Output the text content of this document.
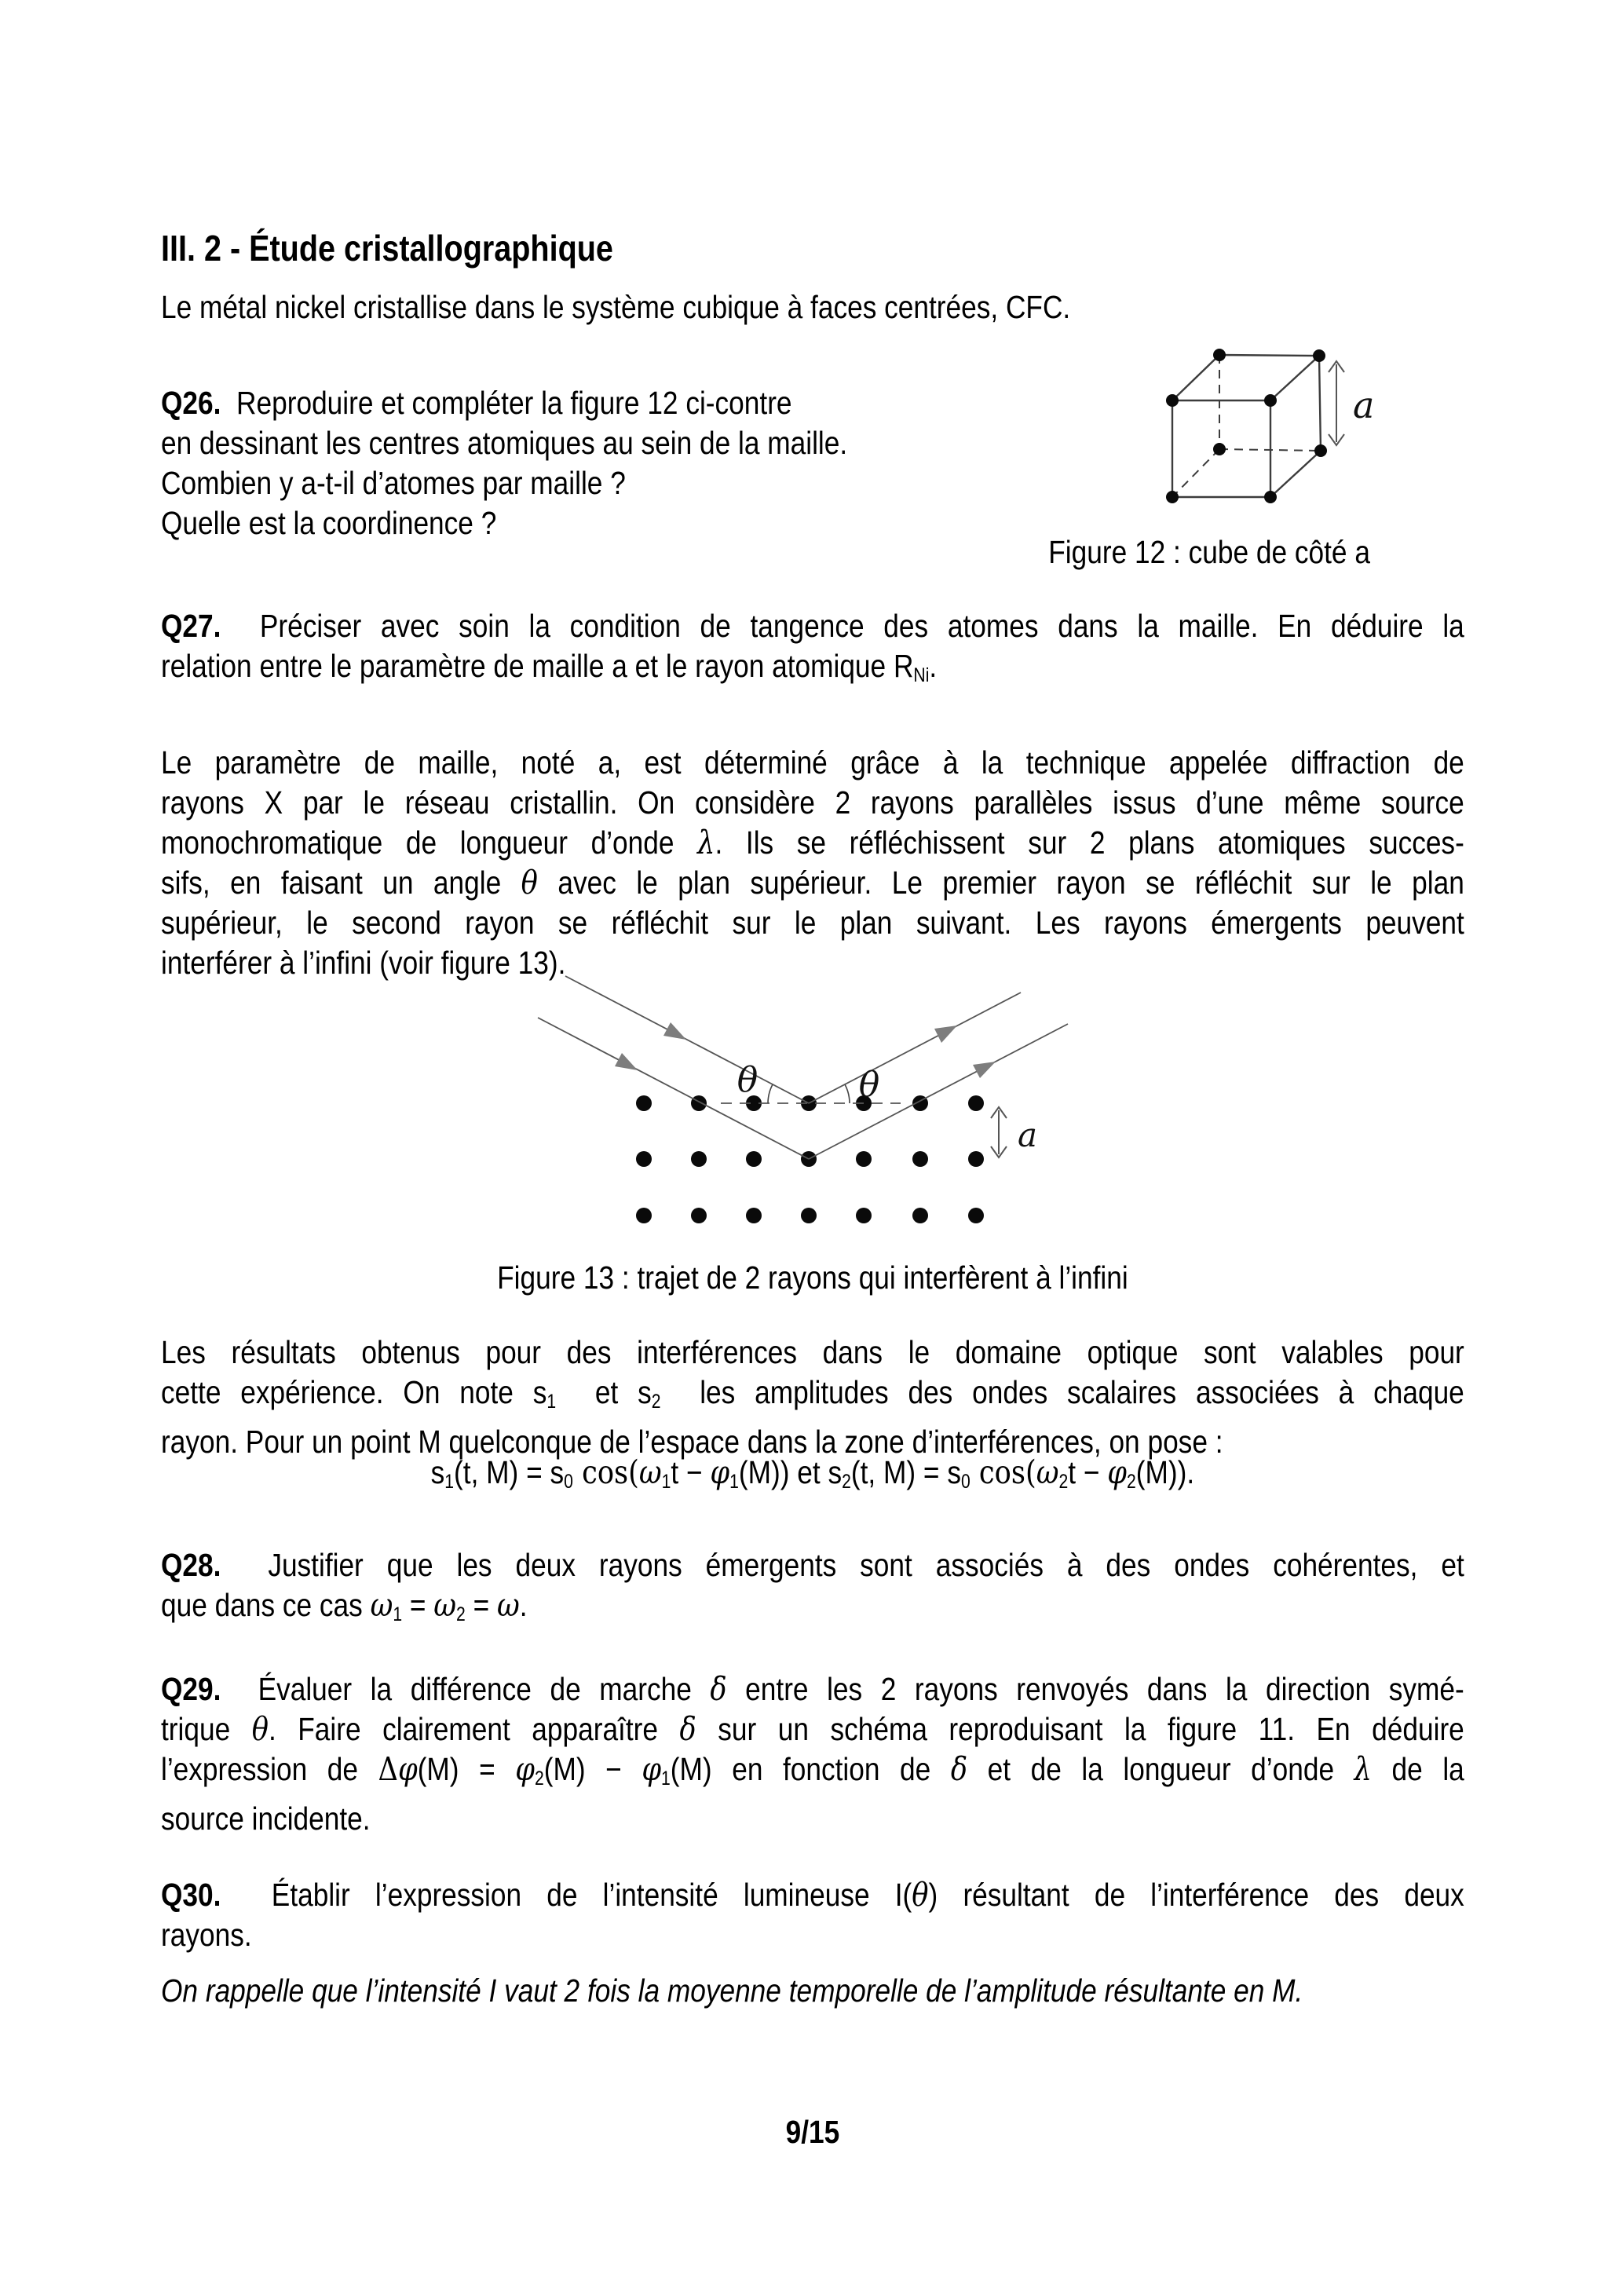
III. 2 - Étude cristallographique
Le métal nickel cristallise dans le système cubique à faces centrées, CFC.
Q26.  Reproduire et compléter la figure 12 ci-contre
en dessinant les centres atomiques au sein de la maille.
Combien y a-t-il d’atomes par maille ?
Quelle est la coordinence ?
a
Figure 12 : cube de côté a
Q27.  Préciser avec soin la condition de tangence des atomes dans la maille. En déduire la
relation entre le paramètre de maille a et le rayon atomique $R_{Ni}$.
Le paramètre de maille, noté a, est déterminé grâce à la technique appelée diffraction de
rayons X par le réseau cristallin. On considère 2 rayons parallèles issus d’une même source
monochromatique de longueur d’onde λ. Ils se réfléchissent sur 2 plans atomiques succes-
sifs, en faisant un angle θ avec le plan supérieur. Le premier rayon se réfléchit sur le plan
supérieur, le second rayon se réfléchit sur le plan suivant. Les rayons émergents peuvent
interférer à l’infini (voir figure 13).
θ	θ
a
Figure 13 : trajet de 2 rayons qui interfèrent à l’infini
Les résultats obtenus pour des interférences dans le domaine optique sont valables pour
cette expérience. On note $s_1$  et $s_2$  les amplitudes des ondes scalaires associées à chaque
rayon. Pour un point M quelconque de l’espace dans la zone d’interférences, on pose :
$s_1(t$, $M) = s_0$ $\cos(\omega_1t - \varphi_1(M))$ et $s_2(t$, $M) = s_0$ $\cos(\omega_2t - \varphi_2(M))$.
Q28.  Justifier que les deux rayons émergents sont associés à des ondes cohérentes, et
que dans ce cas $\omega_1 = \omega_2 = \omega$.
Q29.  Évaluer la différence de marche δ entre les 2 rayons renvoyés dans la direction symé-
trique θ. Faire clairement apparaître δ sur un schéma reproduisant la figure 11. En déduire
l’expression de $\Delta\varphi(M) = \varphi_2(M) - \varphi_1(M)$ en fonction de δ et de la longueur d’onde λ de la
source incidente.
Q30.  Établir l’expression de l’intensité lumineuse I(θ) résultant de l’interférence des deux
rayons.
On rappelle que l’intensité I vaut 2 fois la moyenne temporelle de l’amplitude résultante en M.
9/15
